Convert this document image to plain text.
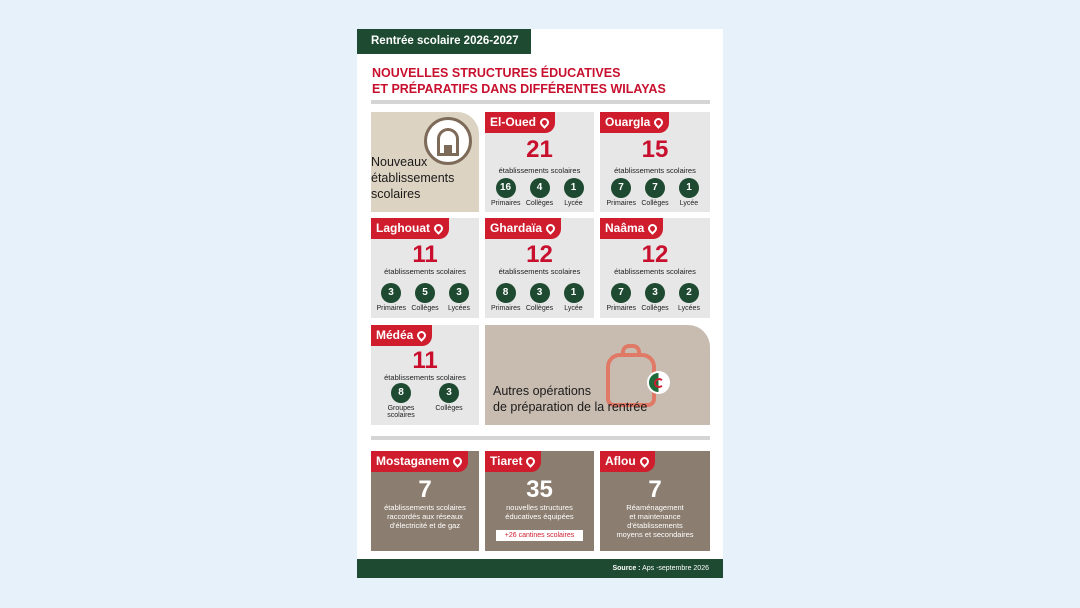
Rentrée scolaire 2026-2027
NOUVELLES STRUCTURES ÉDUCATIVES
ET PRÉPARATIFS DANS DIFFÉRENTES WILAYAS
Nouveaux
établissements
scolaires
El-Oued
21
établissements scolaires
16
Primaires
4
Collèges
1
Lycée
Ouargla
15
établissements scolaires
7
Primaires
7
Collèges
1
Lycée
Laghouat
11
établissements scolaires
3
Primaires
5
Collèges
3
Lycées
Ghardaïa
12
établissements scolaires
8
Primaires
3
Collèges
1
Lycée
Naâma
12
établissements scolaires
7
Primaires
3
Collèges
2
Lycées
Médéa
11
établissements scolaires
8
Groupes
scolaires
3
Collèges
Autres opérations
de préparation de la rentrée
Mostaganem
7
établissements scolaires
raccordés aux réseaux
d'électricité et de gaz
Tiaret
35
nouvelles structures
éducatives équipées
+26 cantines scolaires
Aflou
7
Réaménagement
et maintenance
d'établissements
moyens et secondaires
Source : Aps -septembre 2026
